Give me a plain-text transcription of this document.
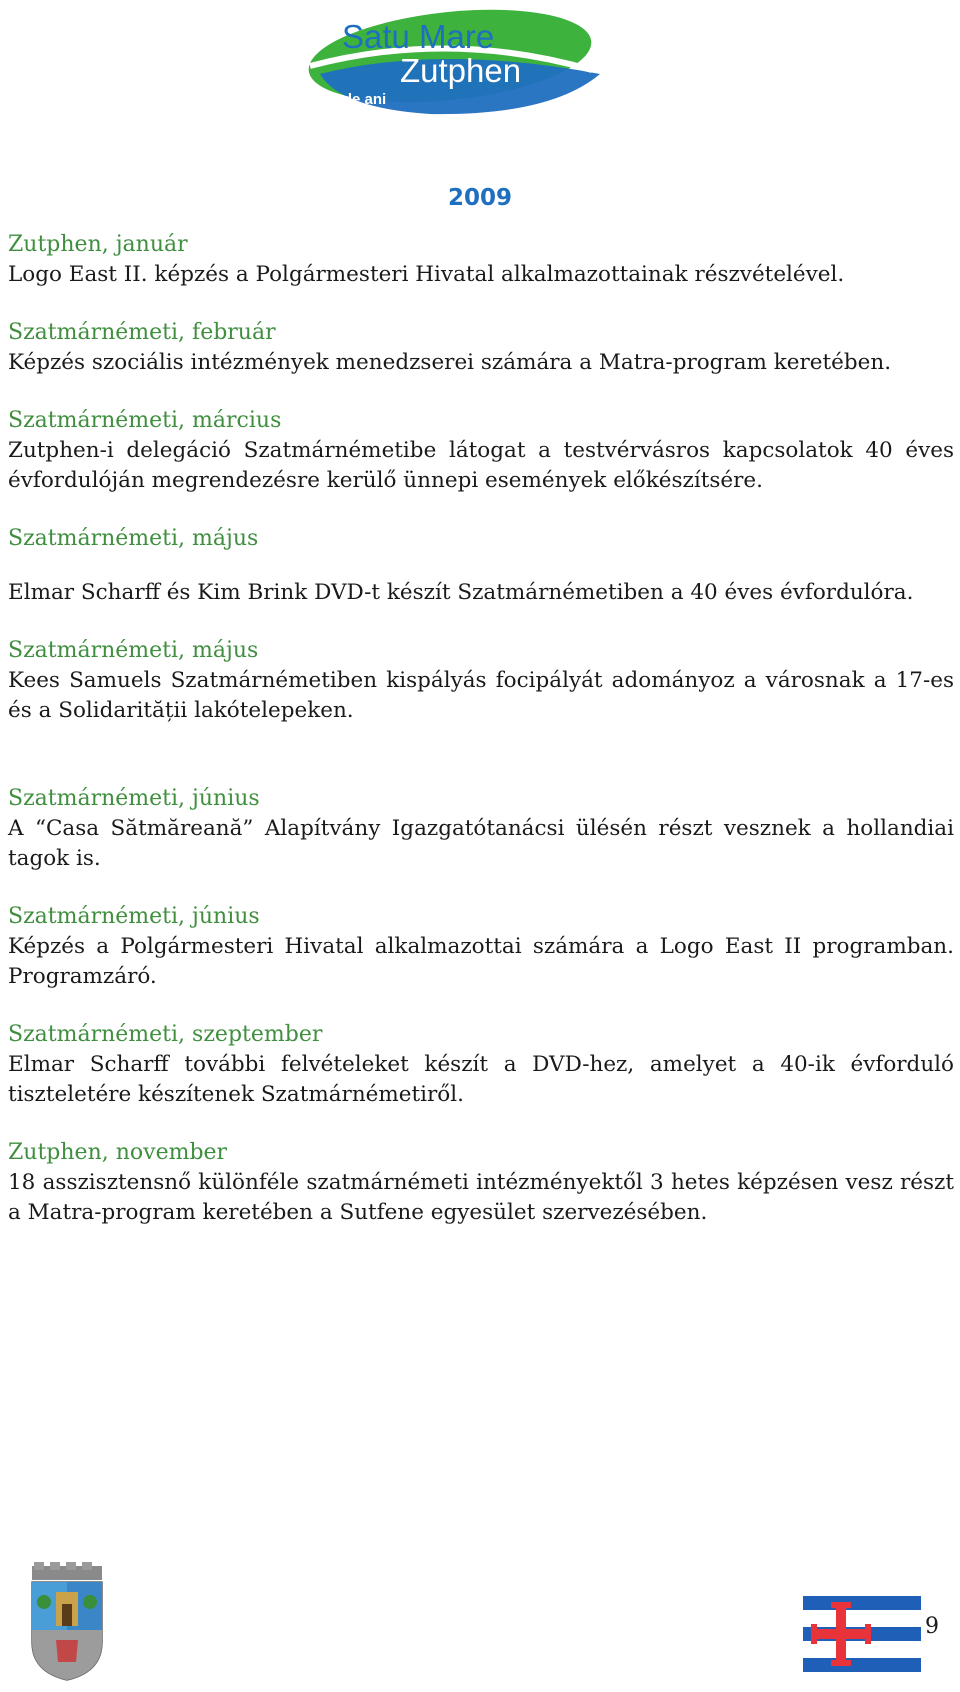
Satu Mare
Zutphen
40 de ani
2009
Zutphen, január
Logo East II. képzés a Polgármesteri Hivatal alkalmazottainak részvételével.
Szatmárnémeti, február
Képzés szociális intézmények menedzserei számára a Matra-program keretében.
Szatmárnémeti, március
Zutphen-i delegáció Szatmárnémetibe látogat a testvérvásros kapcsolatok 40 éves évfordulóján megrendezésre kerülő ünnepi események előkészítsére.
Szatmárnémeti, május
Elmar Scharff és Kim Brink DVD-t készít Szatmárnémetiben a 40 éves évfordulóra.
Szatmárnémeti, május
Kees Samuels Szatmárnémetiben kispályás focipályát adományoz a városnak a 17-es és a Solidarității lakótelepeken.
Szatmárnémeti, június
A “Casa Sătmăreană” Alapítvány Igazgatótanácsi ülésén részt vesznek a hollandiai tagok is.
Szatmárnémeti, június
Képzés a Polgármesteri Hivatal alkalmazottai számára a Logo East II programban. Programzáró.
Szatmárnémeti, szeptember
Elmar Scharff további felvételeket készít a DVD-hez, amelyet a 40-ik évforduló tiszteletére készítenek Szatmárnémetiről.
Zutphen, november
18 asszisztensnő különféle szatmárnémeti intézményektől 3 hetes képzésen vesz részt a Matra-program keretében a Sutfene egyesület szervezésében.
9
